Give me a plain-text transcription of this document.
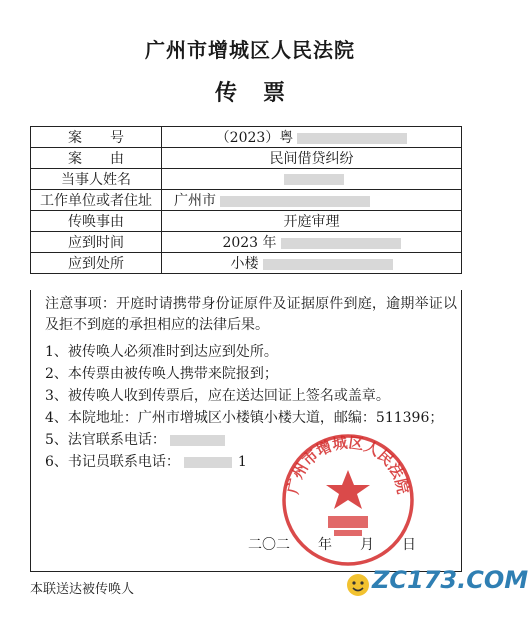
广州市增城区人民法院
传票
案　　号	（2023）粤
案　　由	民间借贷纠纷
当事人姓名	
工作单位或者住址	广州市
传唤事由	开庭审理
应到时间	2023 年
应到处所	小楼
注意事项：开庭时请携带身份证原件及证据原件到庭，逾期举证以及拒不到庭的承担相应的法律后果。
1、被传唤人必须准时到达应到处所。
2、本传票由被传唤人携带来院报到；
3、被传唤人收到传票后，应在送达回证上签名或盖章。
4、本院地址：广州市增城区小楼镇小楼大道，邮编：511396；
5、法官联系电话：
6、书记员联系电话：	1
广州市增城区人民法院
二〇二　　年　　月　　日
本联送达被传唤人	ZC173.COM
